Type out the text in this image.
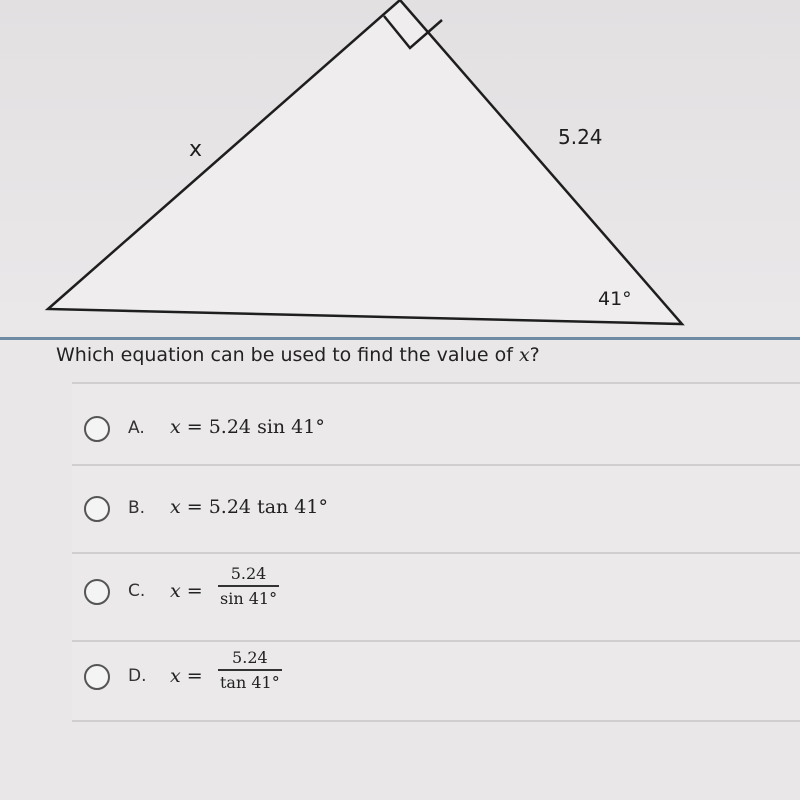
x	5.24
41°
Which equation can be used to find the value of x?
A. x = 5.24 sin 41°
B. x = 5.24 tan 41°
C. x =
5.24
sin 41°
D. x =
5.24
tan 41°
